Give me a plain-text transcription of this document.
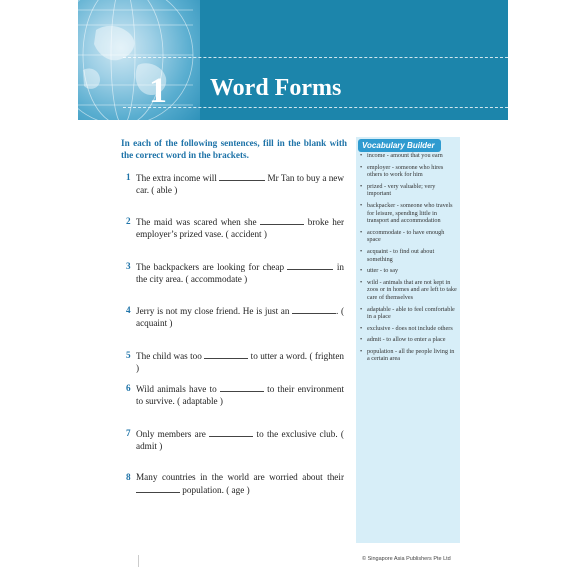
1 Word Forms
In each of the following sentences, fill in the blank with the correct word in the brackets.
1 The extra income will	Mr Tan to buy a new car. ( able )
2 The maid was scared when she	broke her employer’s prized vase. ( accident )
3 The backpackers are looking for cheap	in the city area. ( accommodate )
4 Jerry is not my close friend. He is just an	. ( acquaint )
5 The child was too	to utter a word. ( frighten )
6 Wild animals have to	to their environment to survive. ( adaptable )
7 Only members are	to the exclusive club. ( admit )
8 Many countries in the world are worried about their  population. ( age )
Vocabulary Builder
• income - amount that you earn
• employer - someone who hires others to work for him
• prized - very valuable; very important
• backpacker - someone who travels for leisure, spending little in transport and accommodation
• accommodate - to have enough space
• acquaint - to find out about something
• utter - to say
• wild - animals that are not kept in zoos or in homes and are left to take care of themselves
• adaptable - able to feel comfortable in a place
• exclusive - does not include others
• admit - to allow to enter a place
• population - all the people living in a certain area
© Singapore Asia Publishers Pte Ltd
